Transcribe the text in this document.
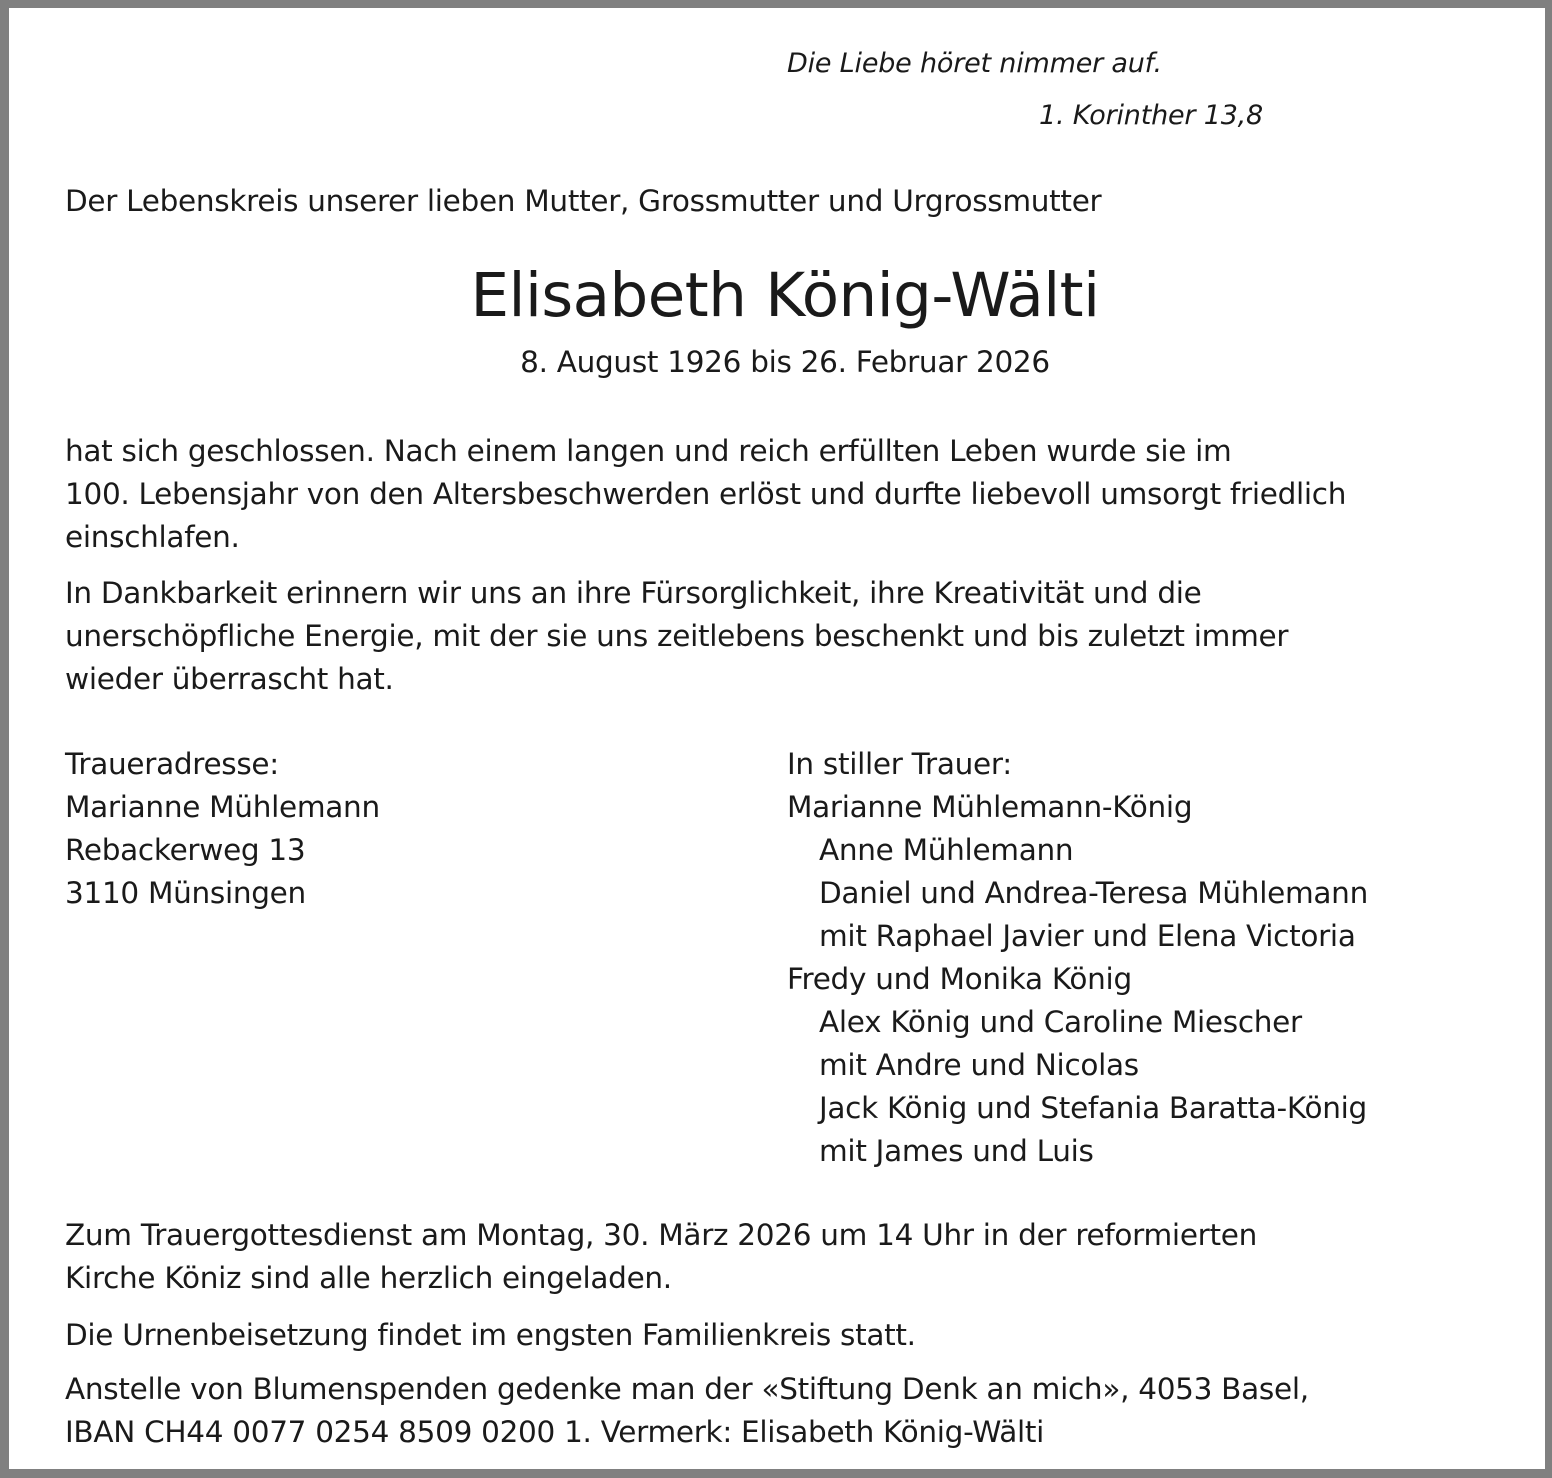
Die Liebe höret nimmer auf.
1. Korinther 13,8
Der Lebenskreis unserer lieben Mutter, Grossmutter und Urgrossmutter
Elisabeth König-Wälti
8. August 1926 bis 26. Februar 2026
hat sich geschlossen. Nach einem langen und reich erfüllten Leben wurde sie im
100. Lebensjahr von den Altersbeschwerden erlöst und durfte liebevoll umsorgt friedlich
einschlafen.
In Dankbarkeit erinnern wir uns an ihre Fürsorglichkeit, ihre Kreativität und die
unerschöpfliche Energie, mit der sie uns zeitlebens beschenkt und bis zuletzt immer
wieder überrascht hat.
Traueradresse:
Marianne Mühlemann
Rebackerweg 13
3110 Münsingen
In stiller Trauer:
Marianne Mühlemann-König
Anne Mühlemann
Daniel und Andrea-Teresa Mühlemann
mit Raphael Javier und Elena Victoria
Fredy und Monika König
Alex König und Caroline Miescher
mit Andre und Nicolas
Jack König und Stefania Baratta-König
mit James und Luis
Zum Trauergottesdienst am Montag, 30. März 2026 um 14 Uhr in der reformierten
Kirche Köniz sind alle herzlich eingeladen.
Die Urnenbeisetzung findet im engsten Familienkreis statt.
Anstelle von Blumenspenden gedenke man der «Stiftung Denk an mich», 4053 Basel,
IBAN CH44 0077 0254 8509 0200 1. Vermerk: Elisabeth König-Wälti
